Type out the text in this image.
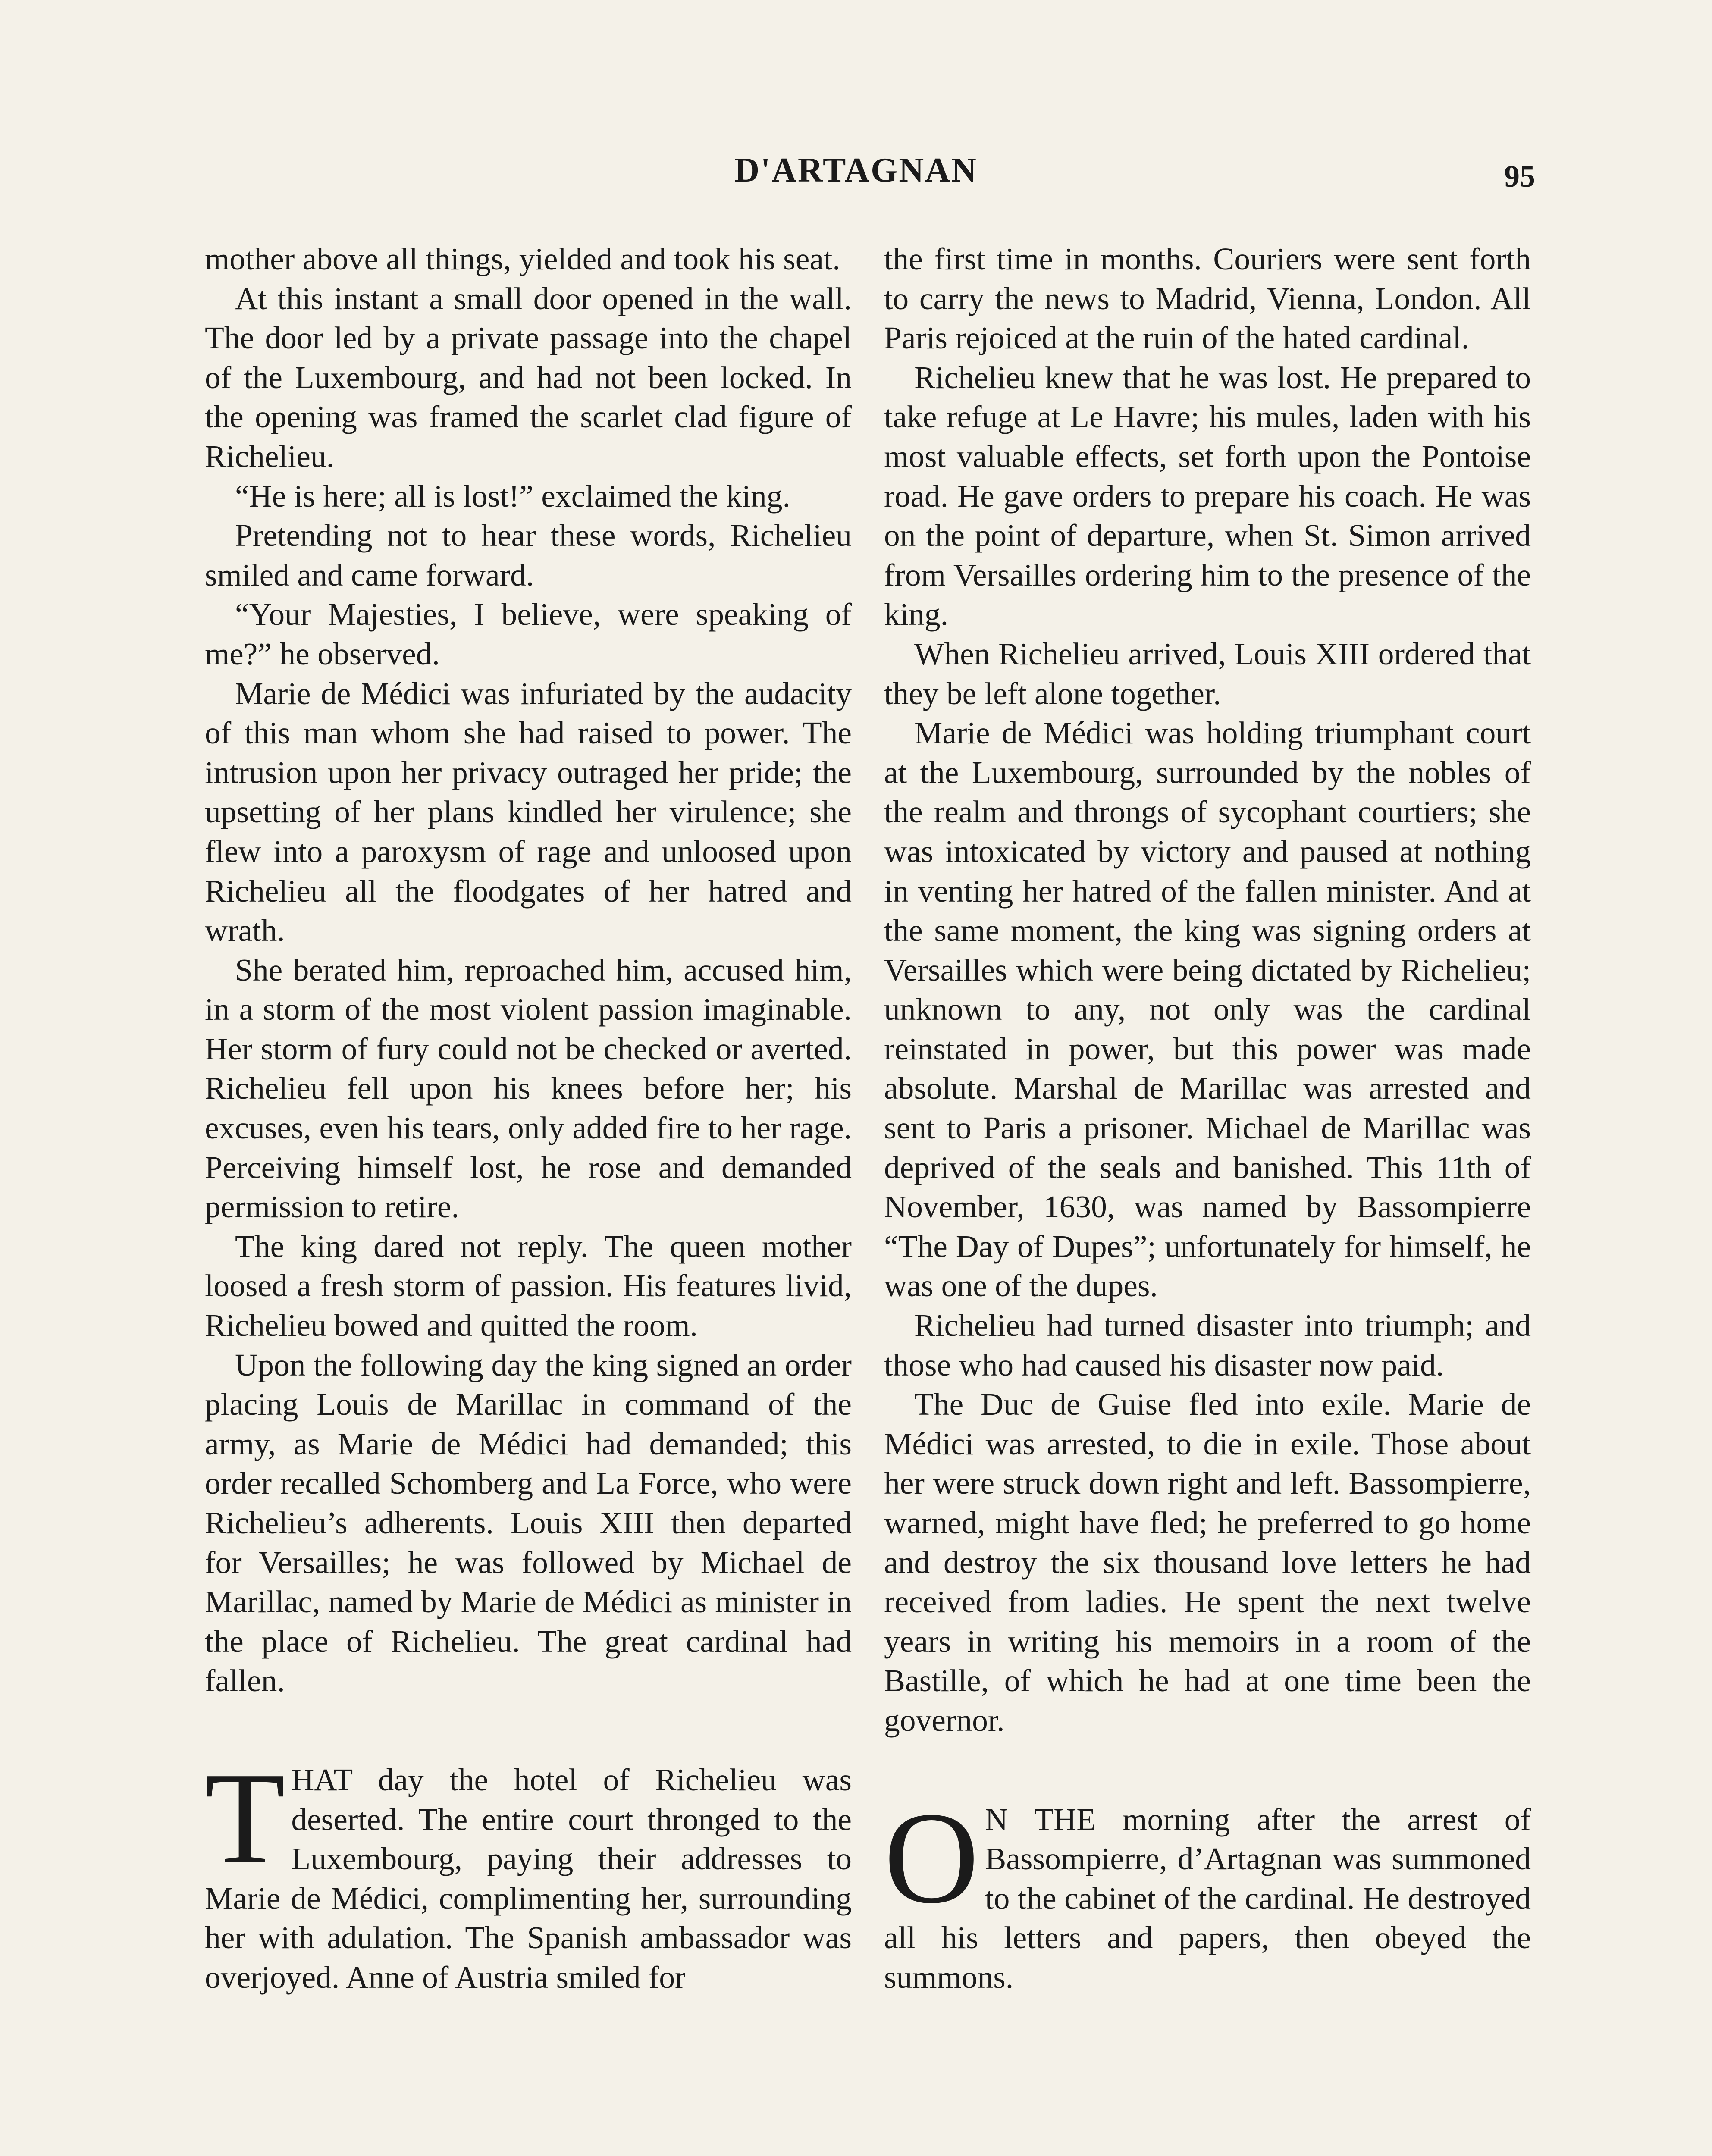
D'ARTAGNAN	95

mother above all things, yielded and took his seat.

At this instant a small door opened in the wall. The door led by a private passage into the chapel of the Luxembourg, and had not been locked. In the opening was framed the scarlet clad figure of Richelieu.

“He is here; all is lost!” exclaimed the king.

Pretending not to hear these words, Richelieu smiled and came forward.

“Your Majesties, I believe, were speaking of me?” he observed.

Marie de Médici was infuriated by the audacity of this man whom she had raised to power. The intrusion upon her privacy outraged her pride; the upsetting of her plans kindled her virulence; she flew into a paroxysm of rage and unloosed upon Richelieu all the floodgates of her hatred and wrath.

She berated him, reproached him, accused him, in a storm of the most violent passion imaginable. Her storm of fury could not be checked or averted. Richelieu fell upon his knees before her; his excuses, even his tears, only added fire to her rage. Perceiving himself lost, he rose and demanded permission to retire.

The king dared not reply. The queen mother loosed a fresh storm of passion. His features livid, Richelieu bowed and quitted the room.

Upon the following day the king signed an order placing Louis de Marillac in command of the army, as Marie de Médici had demanded; this order recalled Schomberg and La Force, who were Richelieu’s adherents. Louis XIII then departed for Versailles; he was followed by Michael de Marillac, named by Marie de Médici as minister in the place of Richelieu. The great cardinal had fallen.

THAT day the hotel of Richelieu was deserted. The entire court thronged to the Luxembourg, paying their addresses to Marie de Médici, complimenting her, surrounding her with adulation. The Spanish ambassador was overjoyed. Anne of Austria smiled for

the first time in months. Couriers were sent forth to carry the news to Madrid, Vienna, London. All Paris rejoiced at the ruin of the hated cardinal.

Richelieu knew that he was lost. He prepared to take refuge at Le Havre; his mules, laden with his most valuable effects, set forth upon the Pontoise road. He gave orders to prepare his coach. He was on the point of departure, when St. Simon arrived from Versailles ordering him to the presence of the king.

When Richelieu arrived, Louis XIII ordered that they be left alone together.

Marie de Médici was holding triumphant court at the Luxembourg, surrounded by the nobles of the realm and throngs of sycophant courtiers; she was intoxicated by victory and paused at nothing in venting her hatred of the fallen minister. And at the same moment, the king was signing orders at Versailles which were being dictated by Richelieu; unknown to any, not only was the cardinal reinstated in power, but this power was made absolute. Marshal de Marillac was arrested and sent to Paris a prisoner. Michael de Marillac was deprived of the seals and banished. This 11th of November, 1630, was named by Bassompierre “The Day of Dupes”; unfortunately for himself, he was one of the dupes.

Richelieu had turned disaster into triumph; and those who had caused his disaster now paid.

The Duc de Guise fled into exile. Marie de Médici was arrested, to die in exile. Those about her were struck down right and left. Bassompierre, warned, might have fled; he preferred to go home and destroy the six thousand love letters he had received from ladies. He spent the next twelve years in writing his memoirs in a room of the Bastille, of which he had at one time been the governor.

O N THE morning after the arrest of Bassompierre, d’Artagnan was summoned to the cabinet of the cardinal. He destroyed all his letters and papers, then obeyed the summons.
